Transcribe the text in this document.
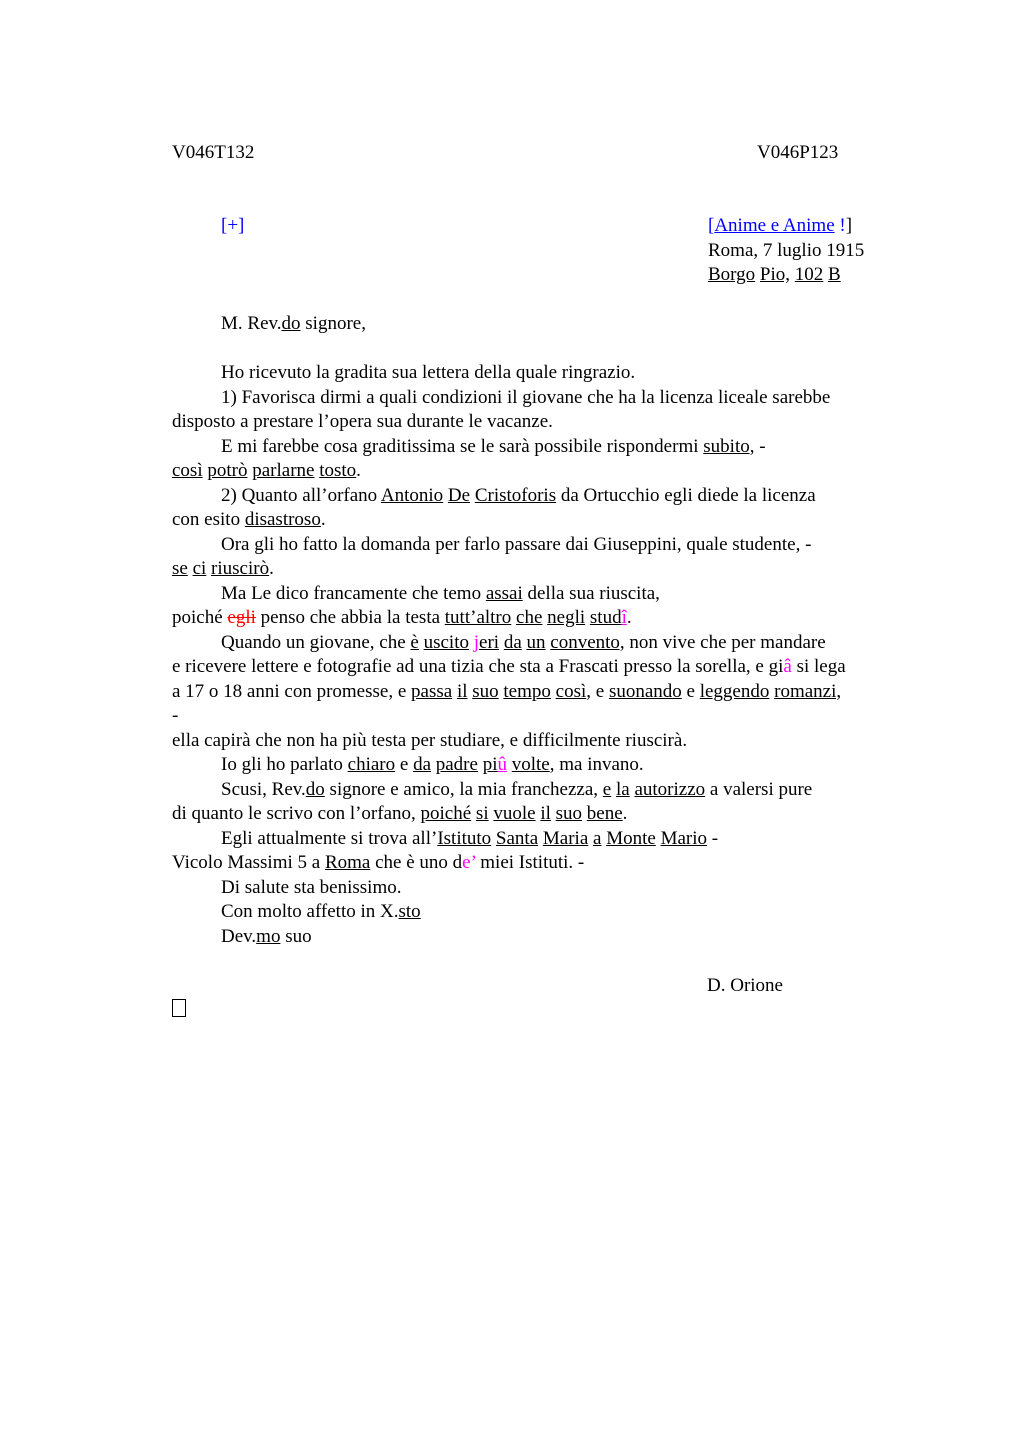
V046T132	V046P123
[+]	[Anime e Anime !]
Roma, 7 luglio 1915
Borgo Pio, 102 B

M. Rev.do signore,

Ho ricevuto la gradita sua lettera della quale ringrazio.
1) Favorisca dirmi a quali condizioni il giovane che ha la licenza liceale sarebbe
disposto a prestare l’opera sua durante le vacanze.
E mi farebbe cosa graditissima se le sarà possibile rispondermi subito, -
così potrò parlarne tosto.
2) Quanto all’orfano Antonio De Cristoforis da Ortucchio egli diede la licenza
con esito disastroso.
Ora gli ho fatto la domanda per farlo passare dai Giuseppini, quale studente, -
se ci riuscirò.
Ma Le dico francamente che temo assai della sua riuscita,
poiché egli penso che abbia la testa tutt’altro che negli studî.
Quando un giovane, che è uscito jeri da un convento, non vive che per mandare
e ricevere lettere e fotografie ad una tizia che sta a Frascati presso la sorella, e giâ si lega
a 17 o 18 anni con promesse, e passa il suo tempo così, e suonando e leggendo romanzi,
-
ella capirà che non ha più testa per studiare, e difficilmente riuscirà.
Io gli ho parlato chiaro e da padre piû volte, ma invano.
Scusi, Rev.do signore e amico, la mia franchezza, e la autorizzo a valersi pure
di quanto le scrivo con l’orfano, poiché si vuole il suo bene.
Egli attualmente si trova all’Istituto Santa Maria a Monte Mario -
Vicolo Massimi 5 a Roma che è uno de’ miei Istituti. -
Di salute sta benissimo.
Con molto affetto in X.sto
Dev.mo suo

D. Orione
